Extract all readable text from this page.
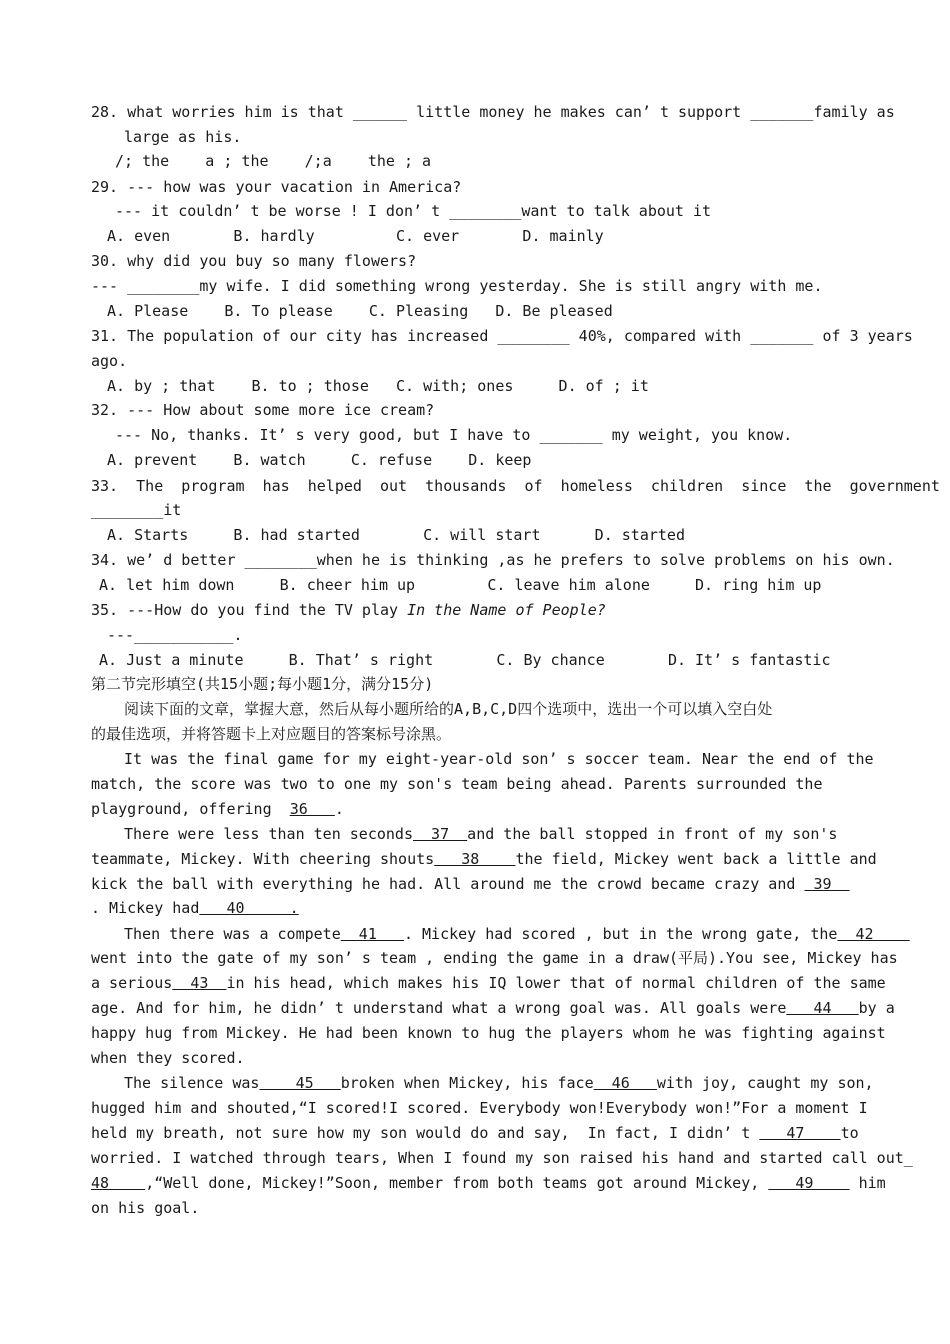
28. what worries him is that ______ little money he makes can’ t support _______family as
large as his.
/; the    a ; the    /;a    the ; a
29. --- how was your vacation in America?
--- it couldn’ t be worse ! I don’ t ________want to talk about it
A. even       B. hardly         C. ever       D. mainly
30. why did you buy so many flowers?
--- ________my wife. I did something wrong yesterday. She is still angry with me.
A. Please    B. To please    C. Pleasing   D. Be pleased
31. The population of our city has increased ________ 40%, compared with _______ of 3 years
ago.
A. by ; that    B. to ; those   C. with; ones     D. of ; it
32. --- How about some more ice cream?
--- No, thanks. It’ s very good, but I have to _______ my weight, you know.
A. prevent    B. watch     C. refuse    D. keep
33.  The  program  has  helped  out  thousands  of  homeless  children  since  the  government
________it
A. Starts     B. had started       C. will start      D. started
34. we’ d better ________when he is thinking ,as he prefers to solve problems on his own.
A. let him down     B. cheer him up        C. leave him alone     D. ring him up
35. ---How do you find the TV play In the Name of People?
---___________.
A. Just a minute     B. That’ s right       C. By chance       D. It’ s fantastic
第二节完形填空(共15小题;每小题1分，满分15分)
阅读下面的文章，掌握大意，然后从每小题所给的A,B,C,D四个选项中，选出一个可以填入空白处
的最佳选项，并将答题卡上对应题目的答案标号涂黑。
It was the final game for my eight-year-old son’ s soccer team. Near the end of the
match, the score was two to one my son's team being ahead. Parents surrounded the
playground, offering  36   .
There were less than ten seconds  37  and the ball stopped in front of my son's
teammate, Mickey. With cheering shouts   38    the field, Mickey went back a little and
kick the ball with everything he had. All around me the crowd became crazy and  39
. Mickey had   40     .
Then there was a compete  41   . Mickey had scored , but in the wrong gate, the  42
went into the gate of my son’ s team , ending the game in a draw(平局).You see, Mickey has
a serious  43  in his head, which makes his IQ lower that of normal children of the same
age. And for him, he didn’ t understand what a wrong goal was. All goals were   44   by a
happy hug from Mickey. He had been known to hug the players whom he was fighting against
when they scored.
The silence was    45   broken when Mickey, his face  46   with joy, caught my son,
hugged him and shouted,“I scored!I scored. Everybody won!Everybody won!”For a moment I
held my breath, not sure how my son would do and say,  In fact, I didn’ t    47    to
worried. I watched through tears, When I found my son raised his hand and started call out_
48    ,“Well done, Mickey!”Soon, member from both teams got around Mickey,    49     him
on his goal.
